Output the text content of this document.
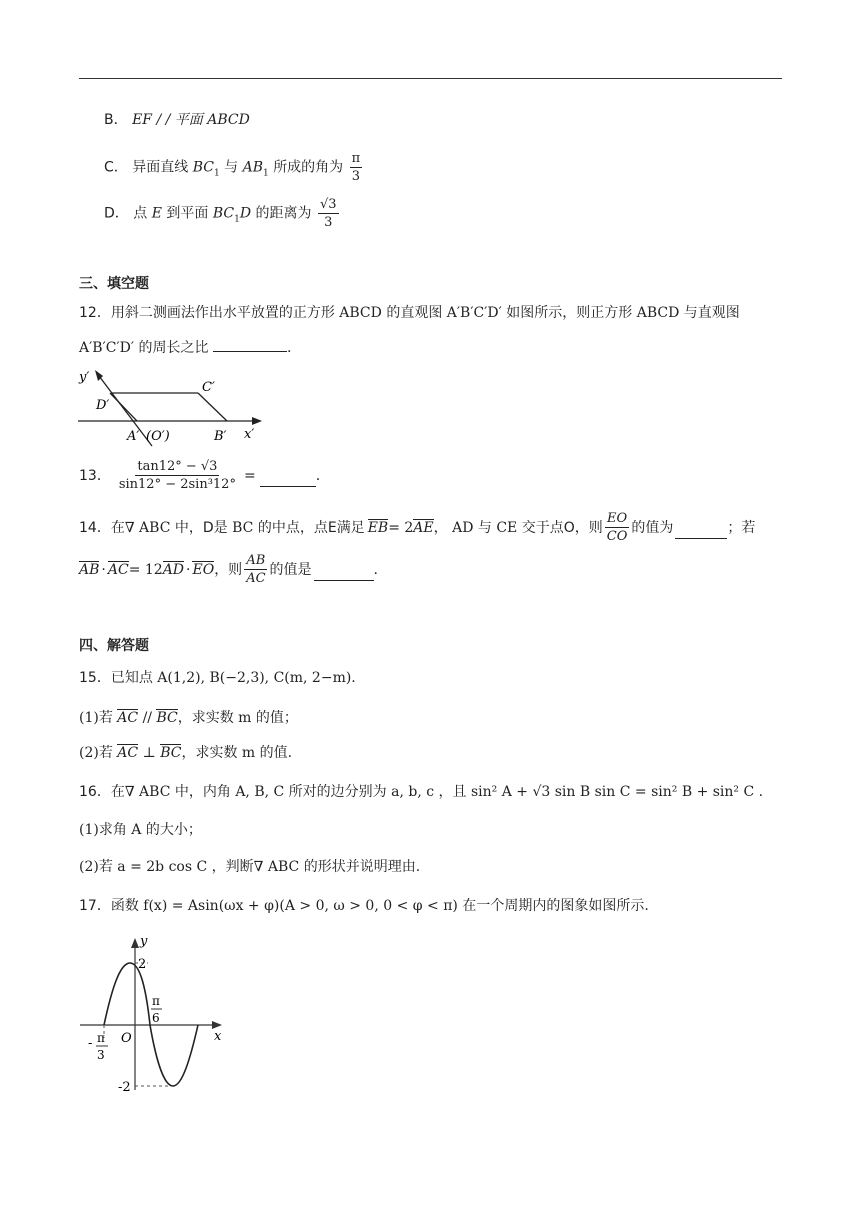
B． EF / / 平面 ABCD
C． 异面直线 $BC_1$ 与 $AB_1$ 所成的角为 $\frac{\pi}{3}$
D． 点 E 到平面 $BC_1D$ 的距离为 $\frac{√3}{3}$
三、填空题
12．用斜二测画法作出水平放置的正方形 ABCD 的直观图 A′B′C′D′ 如图所示，则正方形 ABCD 与直观图
A′B′C′D′ 的周长之比	.
y′
D′
C′
A′ (O′)	B′ x′
13． $\frac{\tan 12^\circ - √3}{\text{sin12° − 2sin³12°}}$ =	.
14． 在∇ ABC 中， D 是 BC 的中点，点 E 满足 EB = 2 AE ， AD 与 CE 交于点 O ，则 $\frac{EO}{CO}$ 的值为	；若
AB · AC = 12 AD · EO ，则 $\frac{AB}{AC}$ 的值是	.
四、解答题
15．已知点 A(1,2), B(−2,3), C(m, 2−m).
(1)若 AC // BC，求实数 m 的值；
(2)若 AC ⊥ BC，求实数 m 的值.
16．在∇ ABC 中，内角 A, B, C 所对的边分别为 a, b, c ，且 sin² A + √3 sin B sin C = sin² B + sin² C .
(1)求角 A 的大小；
(2)若 a = 2b cos C ，判断∇ ABC 的形状并说明理由.
17．函数 f(x) = Asin(ωx + φ)(A > 0, ω > 0, 0 < φ < π) 在一个周期内的图象如图所示.
y
x
O
2
-2
π
6
- π
3
